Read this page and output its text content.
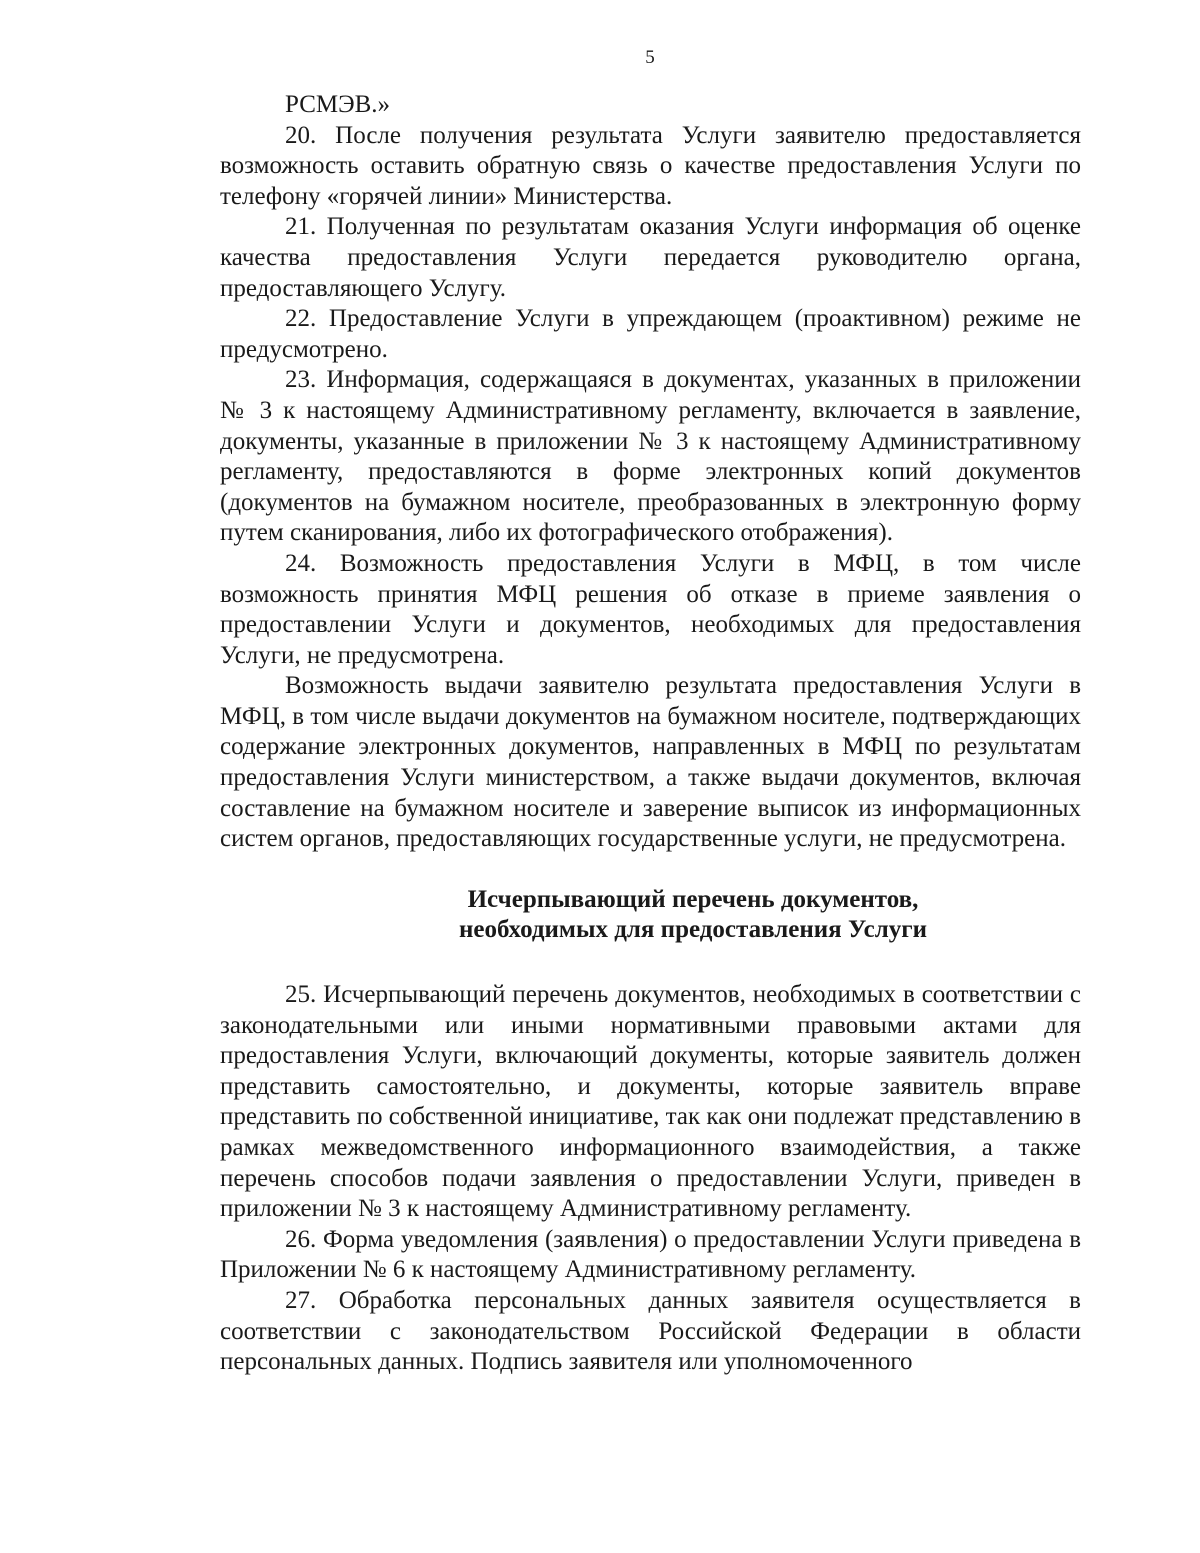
5

РСМЭВ.»

20. После получения результата Услуги заявителю предоставляется возможность оставить обратную связь о качестве предоставления Услуги по телефону «горячей линии» Министерства.

21. Полученная по результатам оказания Услуги информация об оценке качества предоставления Услуги передается руководителю органа, предоставляющего Услугу.

22. Предоставление Услуги в упреждающем (проактивном) режиме не предусмотрено.

23. Информация, содержащаяся в документах, указанных в приложении № 3 к настоящему Административному регламенту, включается в заявление, документы, указанные в приложении № 3 к настоящему Административному регламенту, предоставляются в форме электронных копий документов (документов на бумажном носителе, преобразованных в электронную форму путем сканирования, либо их фотографического отображения).

24. Возможность предоставления Услуги в МФЦ, в том числе возможность принятия МФЦ решения об отказе в приеме заявления о предоставлении Услуги и документов, необходимых для предоставления Услуги, не предусмотрена.

Возможность выдачи заявителю результата предоставления Услуги в МФЦ, в том числе выдачи документов на бумажном носителе, подтверждающих содержание электронных документов, направленных в МФЦ по результатам предоставления Услуги министерством, а также выдачи документов, включая составление на бумажном носителе и заверение выписок из информационных систем органов, предоставляющих государственные услуги, не предусмотрена.

Исчерпывающий перечень документов,
необходимых для предоставления Услуги

25. Исчерпывающий перечень документов, необходимых в соответствии с законодательными или иными нормативными правовыми актами для предоставления Услуги, включающий документы, которые заявитель должен представить самостоятельно, и документы, которые заявитель вправе представить по собственной инициативе, так как они подлежат представлению в рамках межведомственного информационного взаимодействия, а также перечень способов подачи заявления о предоставлении Услуги, приведен в приложении № 3 к настоящему Административному регламенту.

26. Форма уведомления (заявления) о предоставлении Услуги приведена в Приложении № 6 к настоящему Административному регламенту.

27. Обработка персональных данных заявителя осуществляется в соответствии с законодательством Российской Федерации в области персональных данных. Подпись заявителя или уполномоченного
